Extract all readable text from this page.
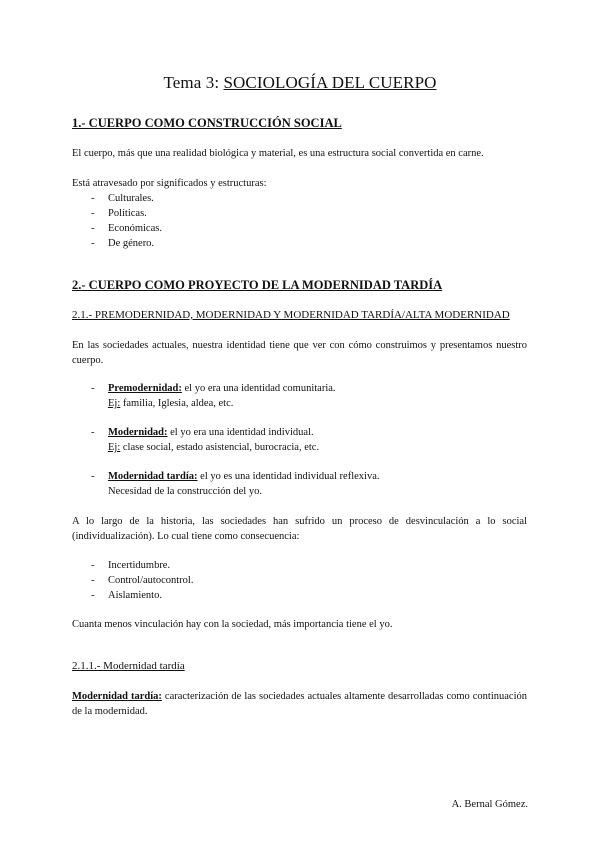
Tema 3: SOCIOLOGÍA DEL CUERPO
1.- CUERPO COMO CONSTRUCCIÓN SOCIAL
El cuerpo, más que una realidad biológica y material, es una estructura social convertida en carne.
Está atravesado por significados y estructuras:
- Culturales.
- Políticas.
- Económicas.
- De género.
2.- CUERPO COMO PROYECTO DE LA MODERNIDAD TARDÍA
2.1.- PREMODERNIDAD, MODERNIDAD Y MODERNIDAD TARDÍA/ALTA MODERNIDAD
En las sociedades actuales, nuestra identidad tiene que ver con cómo construimos y presentamos nuestro cuerpo.
- Premodernidad: el yo era una identidad comunitaria.
Ej: familia, Iglesia, aldea, etc.
- Modernidad: el yo era una identidad individual.
Ej: clase social, estado asistencial, burocracia, etc.
- Modernidad tardía: el yo es una identidad individual reflexiva.
Necesidad de la construcción del yo.
A lo largo de la historia, las sociedades han sufrido un proceso de desvinculación a lo social (individualización). Lo cual tiene como consecuencia:
- Incertidumbre.
- Control/autocontrol.
- Aislamiento.
Cuanta menos vinculación hay con la sociedad, más importancia tiene el yo.
2.1.1.- Modernidad tardía
Modernidad tardía: caracterización de las sociedades actuales altamente desarrolladas como continuación de la modernidad.
A. Bernal Gómez.
